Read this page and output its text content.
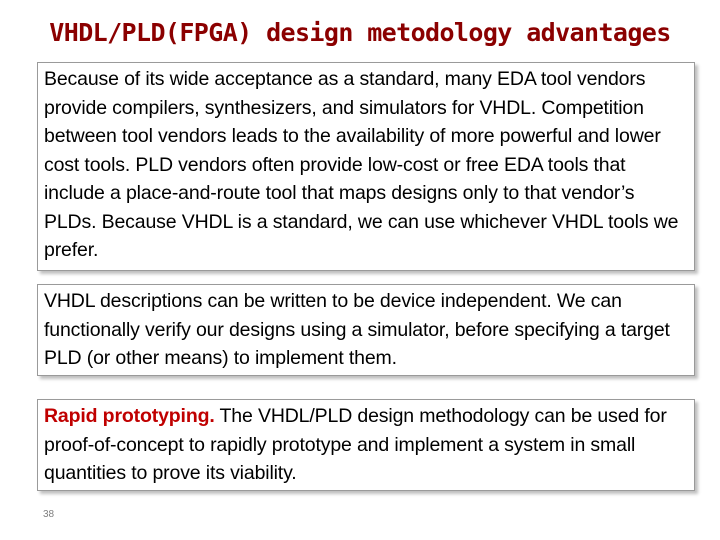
VHDL/PLD(FPGA) design metodology advantages
Because of its wide acceptance as a standard, many EDA tool vendors provide compilers, synthesizers, and simulators for VHDL. Competition between tool vendors leads to the availability of more powerful and lower cost tools. PLD vendors often provide low-cost or free EDA tools that include a place-and-route tool that maps designs only to that vendor’s PLDs. Because VHDL is a standard, we can use whichever VHDL tools we prefer.
VHDL descriptions can be written to be device independent. We can functionally verify our designs using a simulator, before specifying a target PLD (or other means) to implement them.
Rapid prototyping. The VHDL/PLD design methodology can be used for proof-of-concept to rapidly prototype and implement a system in small quantities to prove its viability.
38
